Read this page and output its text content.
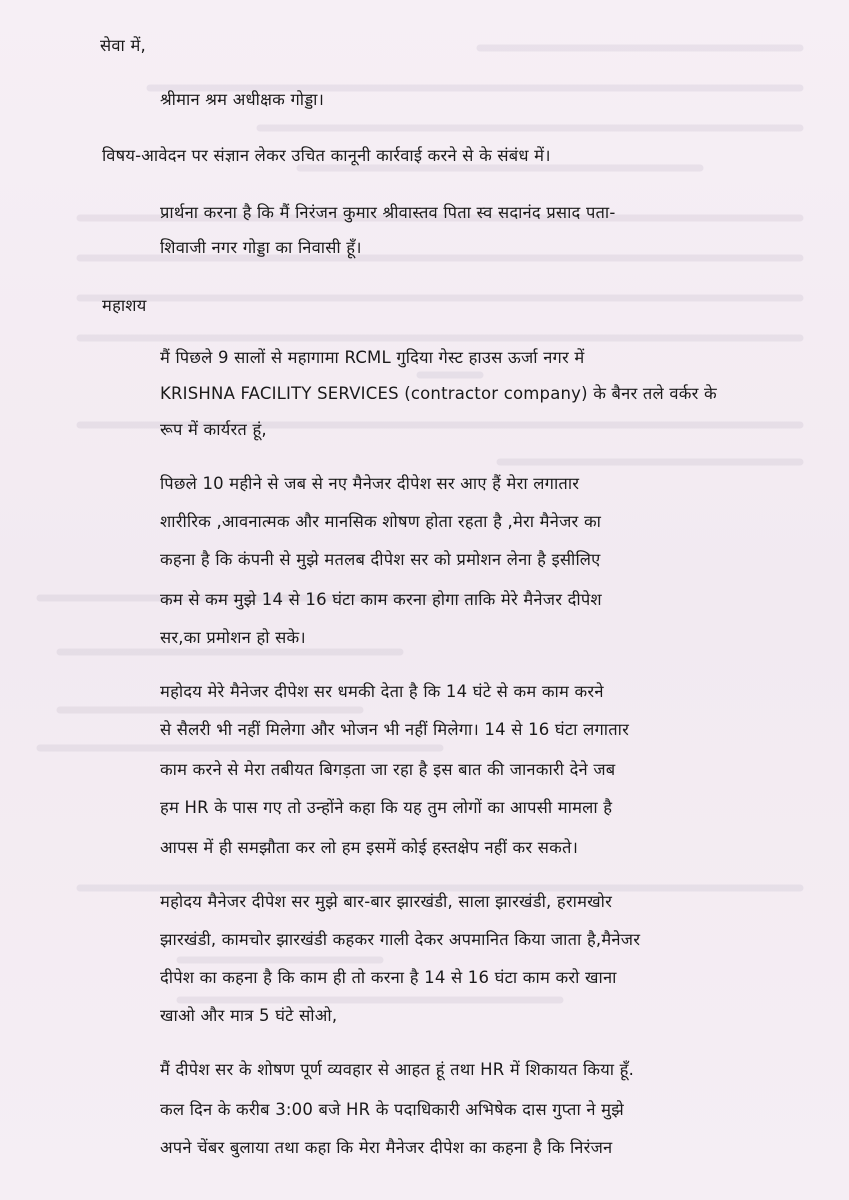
सेवा में,
श्रीमान श्रम अधीक्षक गोड्डा।
विषय-आवेदन पर संज्ञान लेकर उचित कानूनी कार्रवाई करने से के संबंध में।
प्रार्थना करना है कि मैं निरंजन कुमार श्रीवास्तव पिता स्व सदानंद प्रसाद पता-
शिवाजी नगर गोड्डा का निवासी हूँ।
महाशय
मैं पिछले 9 सालों से महागामा RCML गुदिया गेस्ट हाउस ऊर्जा नगर में
KRISHNA FACILITY SERVICES (contractor company) के बैनर तले वर्कर के
रूप में कार्यरत हूं,
पिछले 10 महीने से जब से नए मैनेजर दीपेश सर आए हैं मेरा लगातार
शारीरिक ,आवनात्मक और मानसिक शोषण होता रहता है ,मेरा मैनेजर का
कहना है कि कंपनी से मुझे मतलब दीपेश सर को प्रमोशन लेना है इसीलिए
कम से कम मुझे 14 से 16 घंटा काम करना होगा ताकि मेरे मैनेजर दीपेश
सर,का प्रमोशन हो सके।
महोदय मेरे मैनेजर दीपेश सर धमकी देता है कि 14 घंटे से कम काम करने
से सैलरी भी नहीं मिलेगा और भोजन भी नहीं मिलेगा। 14 से 16 घंटा लगातार
काम करने से मेरा तबीयत बिगड़ता जा रहा है इस बात की जानकारी देने जब
हम HR के पास गए तो उन्होंने कहा कि यह तुम लोगों का आपसी मामला है
आपस में ही समझौता कर लो हम इसमें कोई हस्तक्षेप नहीं कर सकते।
महोदय मैनेजर दीपेश सर मुझे बार-बार झारखंडी, साला झारखंडी, हरामखोर
झारखंडी, कामचोर झारखंडी कहकर गाली देकर अपमानित किया जाता है,मैनेजर
दीपेश का कहना है कि काम ही तो करना है 14 से 16 घंटा काम करो खाना
खाओ और मात्र 5 घंटे सोओ,
मैं दीपेश सर के शोषण पूर्ण व्यवहार से आहत हूं तथा HR में शिकायत किया हूँ.
कल दिन के करीब 3:00 बजे HR के पदाधिकारी अभिषेक दास गुप्ता ने मुझे
अपने चेंबर बुलाया तथा कहा कि मेरा मैनेजर दीपेश का कहना है कि निरंजन
